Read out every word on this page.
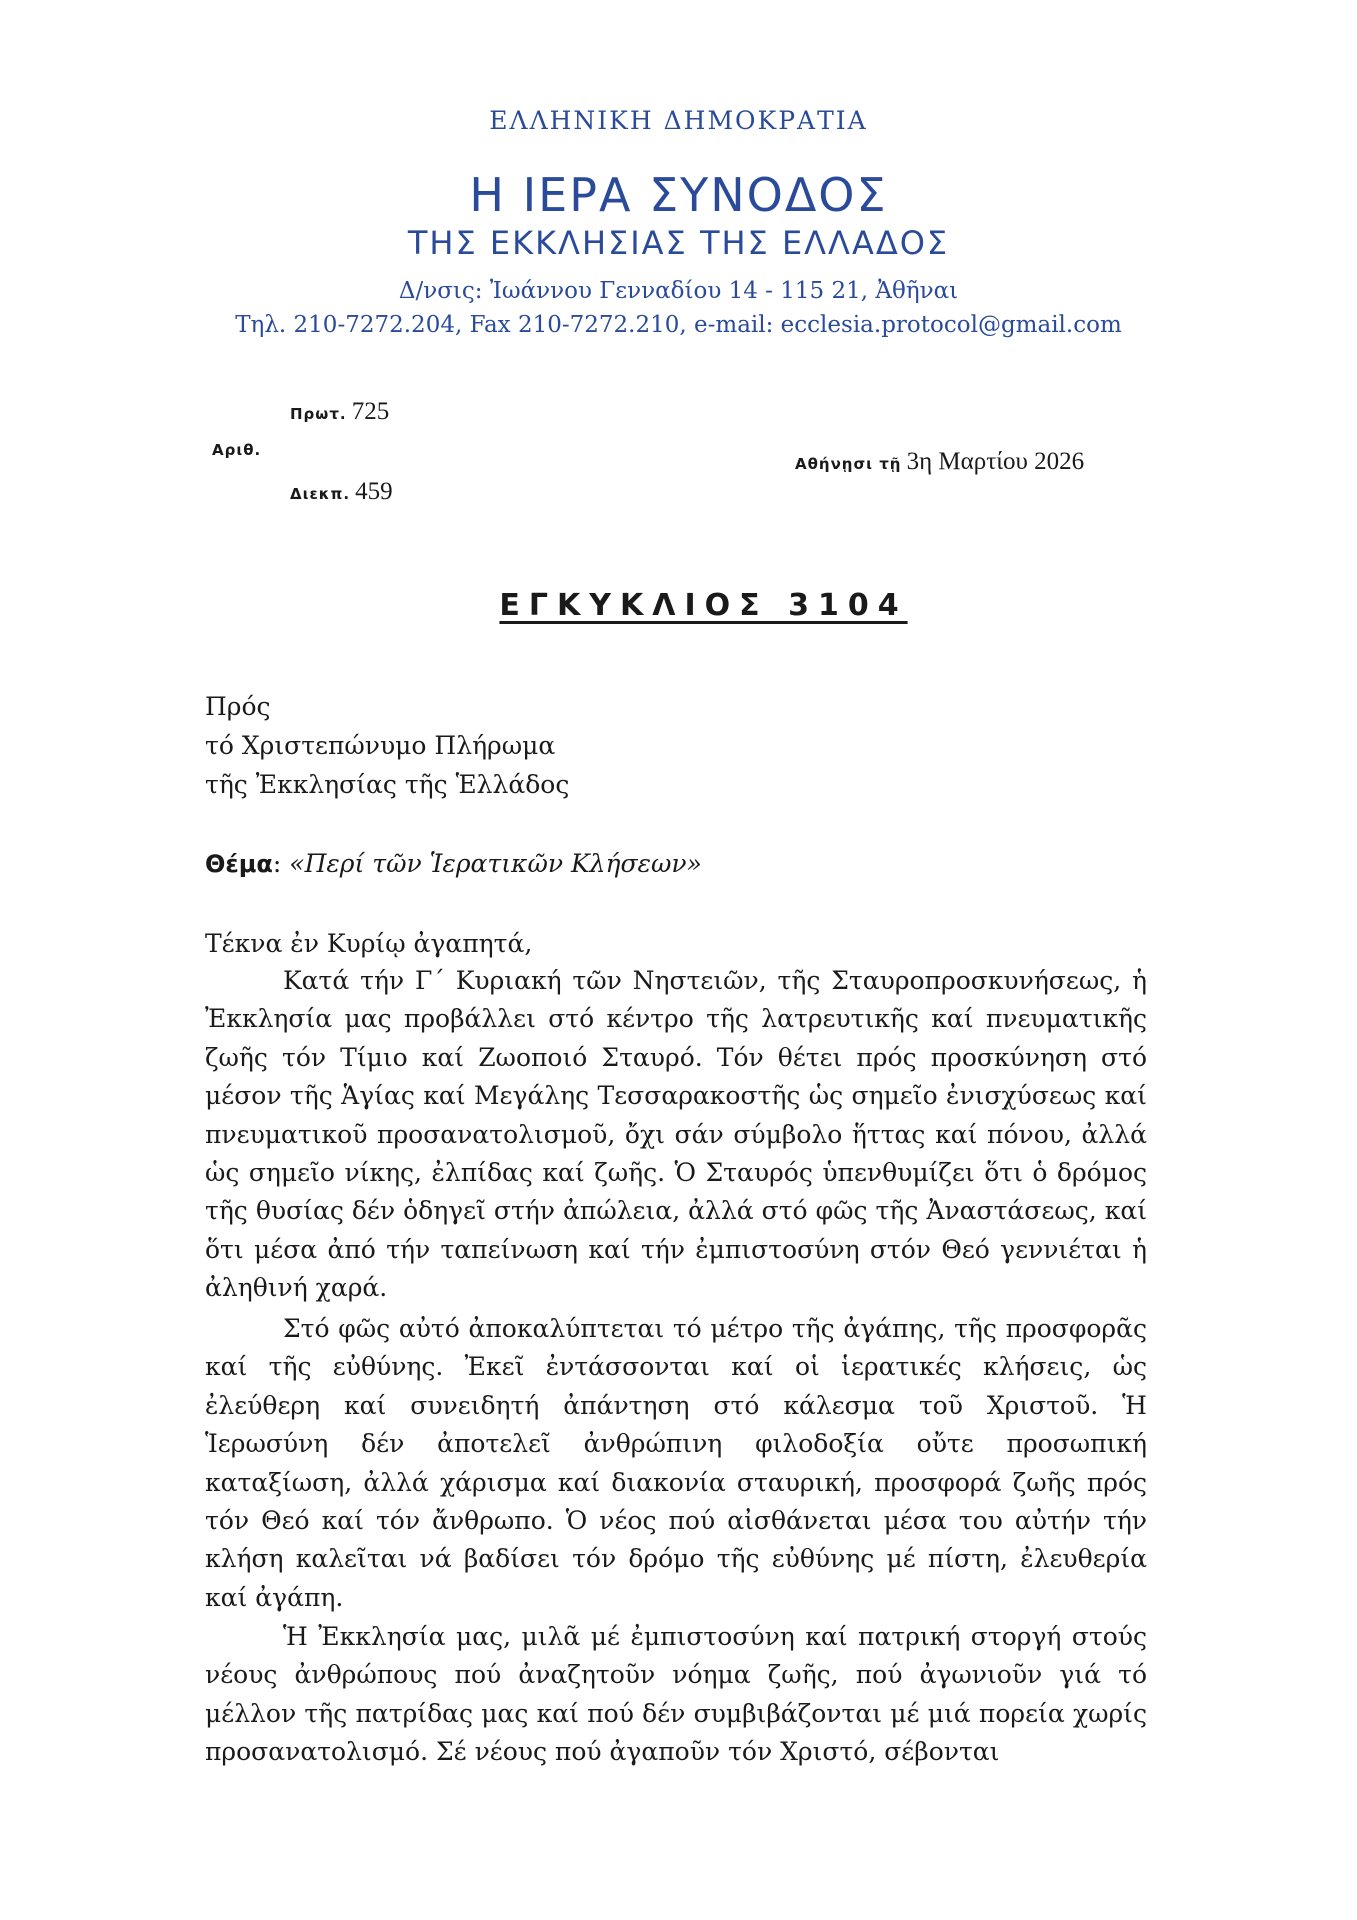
ΕΛΛΗΝΙΚΗ ΔΗΜΟΚΡΑΤΙΑ
Η ΙΕΡΑ ΣΥΝΟΔΟΣ
ΤΗΣ ΕΚΚΛΗΣΙΑΣ ΤΗΣ ΕΛΛΑΔΟΣ
Δ/νσις: Ἰωάννου Γενναδίου 14 - 115 21, Ἀθῆναι
Τηλ. 210-7272.204, Fax 210-7272.210, e-mail: ecclesia.protocol@gmail.com
Πρωτ. 725
Αριθ.
Διεκπ. 459
Αθήνῃσι τῇ 3η Μαρτίου 2026
ΕΓΚΥΚΛΙΟΣ 3104
Πρός
τό Χριστεπώνυμο Πλήρωμα
τῆς Ἐκκλησίας τῆς Ἑλλάδος
Θέμα: «Περί τῶν Ἱερατικῶν Κλήσεων»
Τέκνα ἐν Κυρίῳ ἀγαπητά,

Κατά τήν Γ΄ Κυριακή τῶν Νηστειῶν, τῆς Σταυροπροσκυνήσεως, ἡ Ἐκκλησία μας προβάλλει στό κέντρο τῆς λατρευτικῆς καί πνευματικῆς ζωῆς τόν Τίμιο καί Ζωοποιό Σταυρό. Τόν θέτει πρός προσκύνηση στό μέσον τῆς Ἁγίας καί Μεγάλης Τεσσαρακοστῆς ὡς σημεῖο ἐνισχύσεως καί πνευματικοῦ προσανατολισμοῦ, ὄχι σάν σύμβολο ἥττας καί πόνου, ἀλλά ὡς σημεῖο νίκης, ἐλπίδας καί ζωῆς. Ὁ Σταυρός ὑπενθυμίζει ὅτι ὁ δρόμος τῆς θυσίας δέν ὁδηγεῖ στήν ἀπώλεια, ἀλλά στό φῶς τῆς Ἀναστάσεως, καί ὅτι μέσα ἀπό τήν ταπείνωση καί τήν ἐμπιστοσύνη στόν Θεό γεννιέται ἡ ἀληθινή χαρά.

Στό φῶς αὐτό ἀποκαλύπτεται τό μέτρο τῆς ἀγάπης, τῆς προσφορᾶς καί τῆς εὐθύνης. Ἐκεῖ ἐντάσσονται καί οἱ ἱερατικές κλήσεις, ὡς ἐλεύθερη καί συνειδητή ἀπάντηση στό κάλεσμα τοῦ Χριστοῦ. Ἡ Ἱερωσύνη δέν ἀποτελεῖ ἀνθρώπινη φιλοδοξία οὔτε προσωπική καταξίωση, ἀλλά χάρισμα καί διακονία σταυρική, προσφορά ζωῆς πρός τόν Θεό καί τόν ἄνθρωπο. Ὁ νέος πού αἰσθάνεται μέσα του αὐτήν τήν κλήση καλεῖται νά βαδίσει τόν δρόμο τῆς εὐθύνης μέ πίστη, ἐλευθερία καί ἀγάπη.

Ἡ Ἐκκλησία μας, μιλᾶ μέ ἐμπιστοσύνη καί πατρική στοργή στούς νέους ἀνθρώπους πού ἀναζητοῦν νόημα ζωῆς, πού ἀγωνιοῦν γιά τό μέλλον τῆς πατρίδας μας καί πού δέν συμβιβάζονται μέ μιά πορεία χωρίς προσανατολισμό. Σέ νέους πού ἀγαποῦν τόν Χριστό, σέβονται
